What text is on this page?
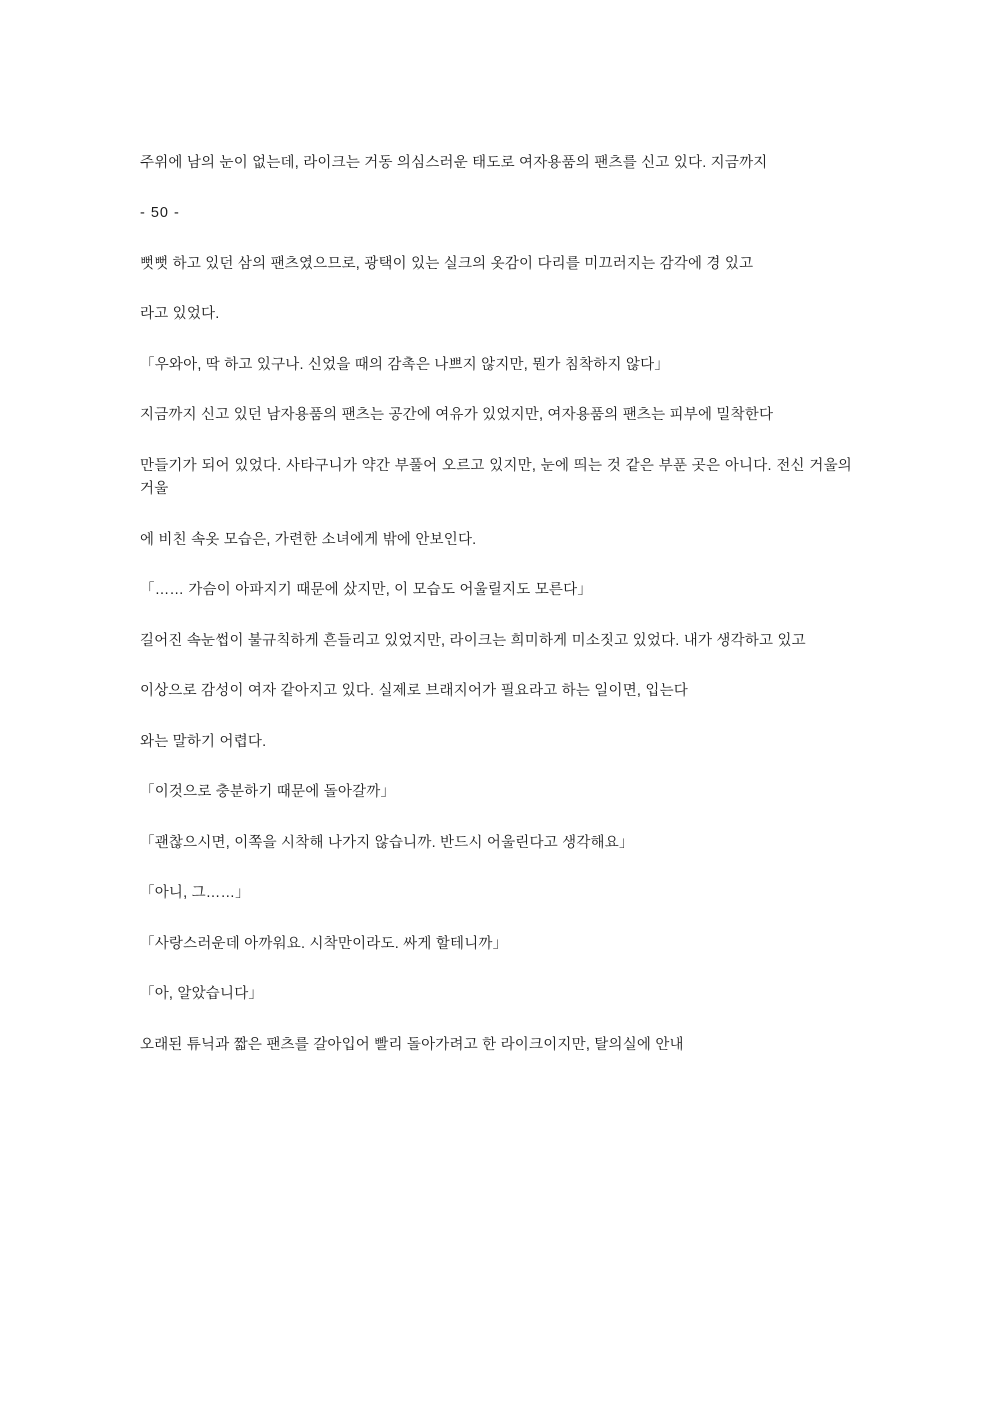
주위에 남의 눈이 없는데, 라이크는 거동 의심스러운 태도로 여자용품의 팬츠를 신고 있다. 지금까지

- 50 -

뻣뻣 하고 있던 삼의 팬츠였으므로, 광택이 있는 실크의 옷감이 다리를 미끄러지는 감각에 경 있고

라고 있었다.

「우와아, 딱 하고 있구나. 신었을 때의 감촉은 나쁘지 않지만, 뭔가 침착하지 않다」

지금까지 신고 있던 남자용품의 팬츠는 공간에 여유가 있었지만, 여자용품의 팬츠는 피부에 밀착한다

만들기가 되어 있었다. 사타구니가 약간 부풀어 오르고 있지만, 눈에 띄는 것 같은 부푼 곳은 아니다. 전신 거울의 거울

에 비친 속옷 모습은, 가련한 소녀에게 밖에 안보인다.

「…… 가슴이 아파지기 때문에 샀지만, 이 모습도 어울릴지도 모른다」

길어진 속눈썹이 불규칙하게 흔들리고 있었지만, 라이크는 희미하게 미소짓고 있었다. 내가 생각하고 있고

이상으로 감성이 여자 같아지고 있다. 실제로 브래지어가 필요라고 하는 일이면, 입는다

와는 말하기 어렵다.

「이것으로 충분하기 때문에 돌아갈까」

「괜찮으시면, 이쪽을 시착해 나가지 않습니까. 반드시 어울린다고 생각해요」

「아니, 그……」

「사랑스러운데 아까워요. 시착만이라도. 싸게 할테니까」

「아, 알았습니다」

오래된 튜닉과 짧은 팬츠를 갈아입어 빨리 돌아가려고 한 라이크이지만, 탈의실에 안내
